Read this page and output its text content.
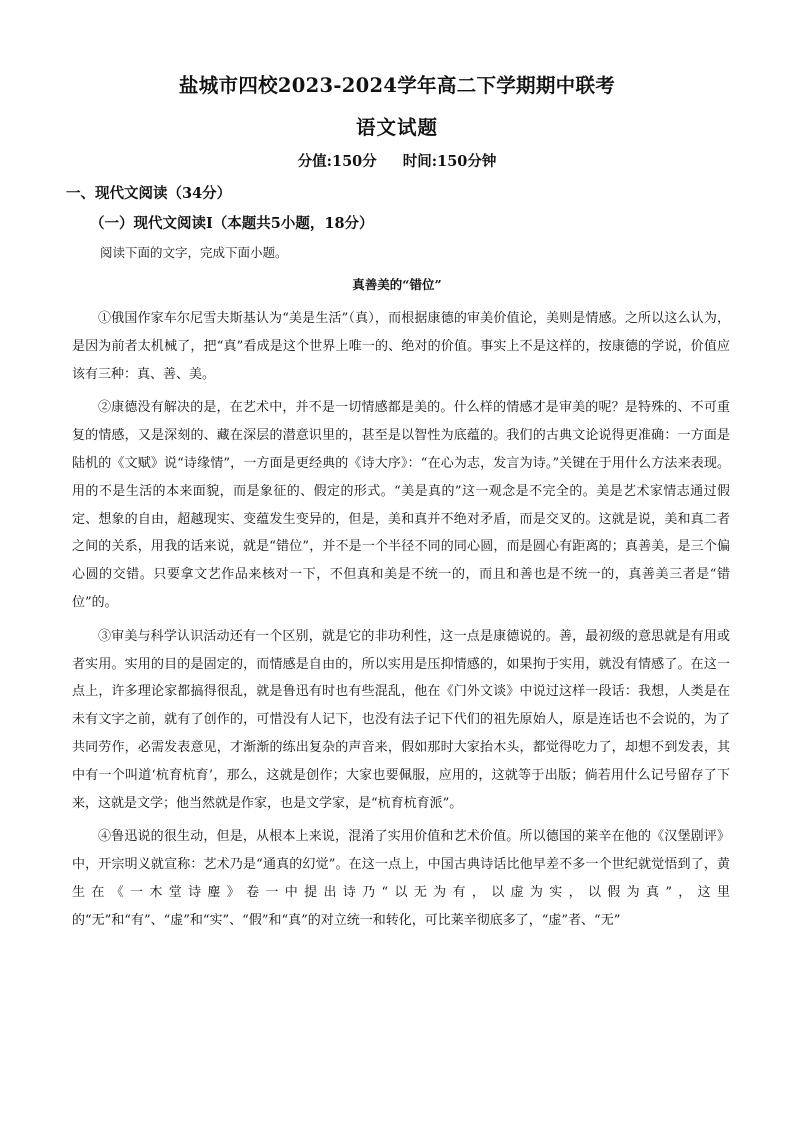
盐城市四校2023-2024学年高二下学期期中联考
语文试题
分值:150分 时间:150分钟
一、现代文阅读（34分）
（一）现代文阅读Ⅰ（本题共5小题，18分）
阅读下面的文字，完成下面小题。
真善美的“错位”

①俄国作家车尔尼雪夫斯基认为“美是生活”（真），而根据康德的审美价值论，美则是情感。之所以这么认为，是因为前者太机械了，把“真”看成是这个世界上唯一的、绝对的价值。事实上不是这样的，按康德的学说，价值应该有三种：真、善、美。

②康德没有解决的是，在艺术中，并不是一切情感都是美的。什么样的情感才是审美的呢？是特殊的、不可重复的情感，又是深刻的、藏在深层的潜意识里的，甚至是以智性为底蕴的。我们的古典文论说得更准确：一方面是陆机的《文赋》说“诗缘情”，一方面是更经典的《诗大序》：“在心为志，发言为诗。”关键在于用什么方法来表现。用的不是生活的本来面貌，而是象征的、假定的形式。“美是真的”这一观念是不完全的。美是艺术家情志通过假定、想象的自由，超越现实、变蕴发生变异的，但是，美和真并不绝对矛盾，而是交叉的。这就是说，美和真二者之间的关系，用我的话来说，就是“错位”，并不是一个半径不同的同心圆，而是圆心有距离的；真善美，是三个偏心圆的交错。只要拿文艺作品来核对一下，不但真和美是不统一的，而且和善也是不统一的，真善美三者是“错位”的。

③审美与科学认识活动还有一个区别，就是它的非功利性，这一点是康德说的。善，最初级的意思就是有用或者实用。实用的目的是固定的，而情感是自由的，所以实用是压抑情感的，如果拘于实用，就没有情感了。在这一点上，许多理论家都搞得很乱，就是鲁迅有时也有些混乱，他在《门外文谈》中说过这样一段话：我想，人类是在未有文字之前，就有了创作的，可惜没有人记下，也没有法子记下代们的祖先原始人，原是连话也不会说的，为了共同劳作，必需发表意见，才渐渐的练出复杂的声音来，假如那时大家抬木头，都觉得吃力了，却想不到发表，其中有一个叫道‘杭育杭育’，那么，这就是创作；大家也要佩服，应用的，这就等于出版；倘若用什么记号留存了下来，这就是文学；他当然就是作家，也是文学家，是“杭育杭育派”。

④鲁迅说的很生动，但是，从根本上来说，混淆了实用价值和艺术价值。所以德国的莱辛在他的《汉堡剧评》中，开宗明义就宣称：艺术乃是“通真的幻觉”。在这一点上，中国古典诗话比他早差不多一个世纪就觉悟到了，黄生在《一木堂诗麈》卷一中提出诗乃“以无为有，以虚为实，以假为真”，这里的“无”和“有”、“虚”和“实”、“假”和“真”的对立统一和转化，可比莱辛彻底多了，“虚”者、“无”
